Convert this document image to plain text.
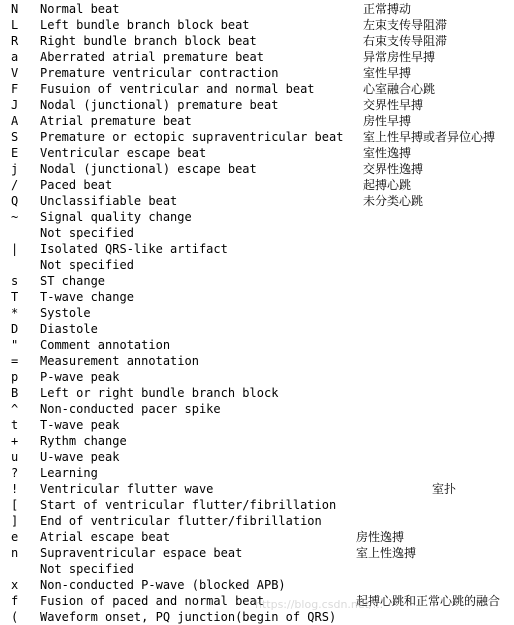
N Normal beat	正常搏动
L Left bundle branch block beat	左束支传导阻滞
R Right bundle branch block beat	右束支传导阻滞
a Aberrated atrial premature beat	异常房性早搏
V Premature ventricular contraction	室性早搏
F Fusuion of ventricular and normal beat	心室融合心跳
J Nodal (junctional) premature beat	交界性早搏
A Atrial premature beat	房性早搏
S Premature or ectopic supraventricular beat 室上性早搏或者异位心搏
E Ventricular escape beat	室性逸搏
j Nodal (junctional) escape beat	交界性逸搏
/ Paced beat	起搏心跳
Q Unclassifiable beat	未分类心跳
~ Signal quality change
Not specified
| Isolated QRS-like artifact
Not specified
s ST change
T T-wave change
* Systole
D Diastole
" Comment annotation
= Measurement annotation
p P-wave peak
B Left or right bundle branch block
^ Non-conducted pacer spike
t T-wave peak
+ Rythm change
u U-wave peak
? Learning
! Ventricular flutter wave	室扑
[ Start of ventricular flutter/fibrillation
] End of ventricular flutter/fibrillation
e Atrial escape beat	房性逸搏
n Supraventricular espace beat	室上性逸搏
Not specified
x Non-conducted P-wave (blocked APB)
f Fusion of paced and normal beat	起搏心跳和正常心跳的融合
( Waveform onset, PQ junction(begin of QRS)
https://blog.csdn.net/...
